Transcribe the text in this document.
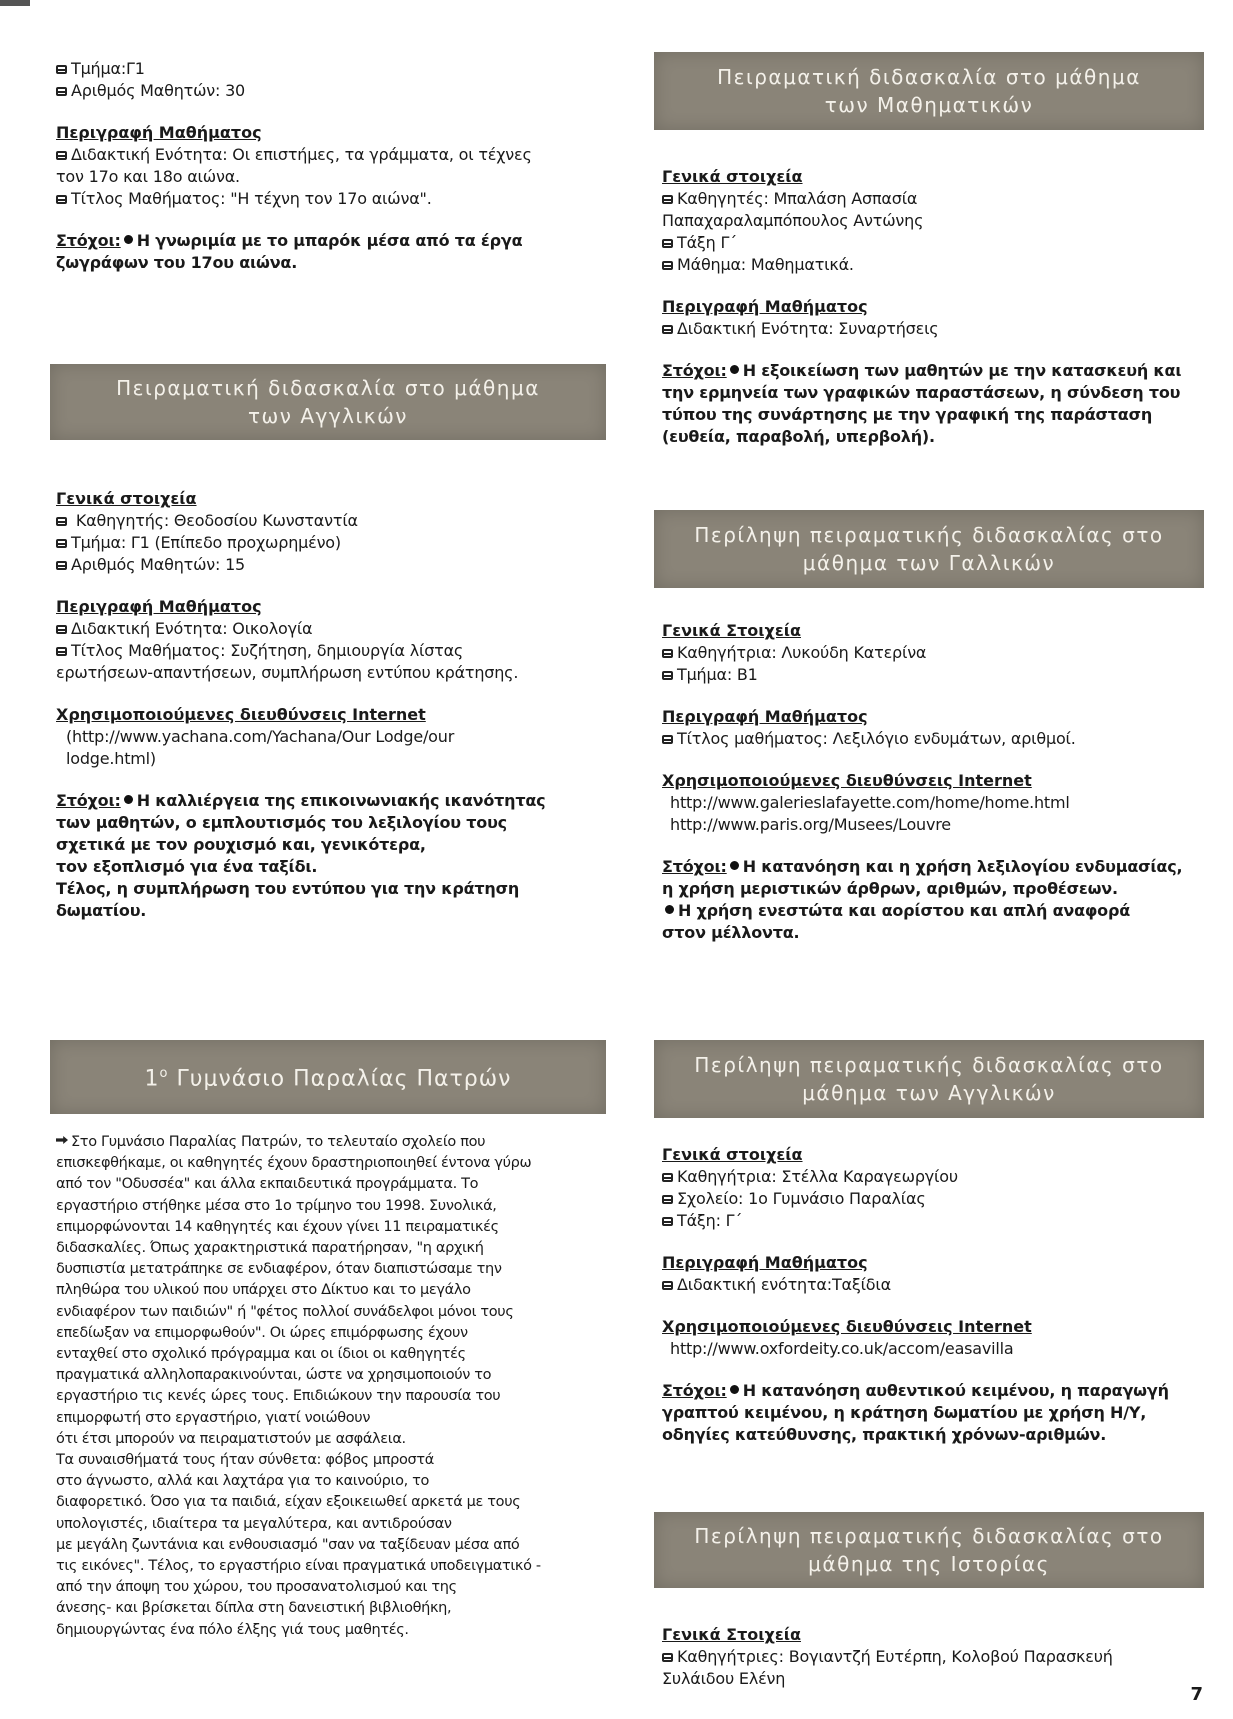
Τμήμα:Γ1
Αριθμός Μαθητών: 30
Περιγραφή Μαθήματος
Διδακτική Ενότητα: Οι επιστήμες, τα γράμματα, οι τέχνες
τον 17ο και 18ο αιώνα.
Τίτλος Μαθήματος: "Η τέχνη τον 17ο αιώνα".
Στόχοι: Η γνωριμία με το μπαρόκ μέσα από τα έργα
ζωγράφων του 17ου αιώνα.
Πειραματική διδασκαλία στο μάθημα
των Αγγλικών
Γενικά στοιχεία
Καθηγητής: Θεοδοσίου Κωνσταντία
Τμήμα: Γ1 (Επίπεδο προχωρημένο)
Αριθμός Μαθητών: 15
Περιγραφή Μαθήματος
Διδακτική Ενότητα: Οικολογία
Τίτλος Μαθήματος: Συζήτηση, δημιουργία λίστας
ερωτήσεων-απαντήσεων, συμπλήρωση εντύπου κράτησης.
Χρησιμοποιούμενες διευθύνσεις Internet
(http://www.yachana.com/Yachana/Our Lodge/our
lodge.html)
Στόχοι: Η καλλιέργεια της επικοινωνιακής ικανότητας
των μαθητών, ο εμπλουτισμός του λεξιλογίου τους
σχετικά με τον ρουχισμό και, γενικότερα,
τον εξοπλισμό για ένα ταξίδι.
Τέλος, η συμπλήρωση του εντύπου για την κράτηση
δωματίου.
$1^o$ Γυμνάσιο Παραλίας Πατρών
Στο Γυμνάσιο Παραλίας Πατρών, το τελευταίο σχολείο που
επισκεφθήκαμε, οι καθηγητές έχουν δραστηριοποιηθεί έντονα γύρω
από τον "Οδυσσέα" και άλλα εκπαιδευτικά προγράμματα. Το
εργαστήριο στήθηκε μέσα στο 1ο τρίμηνο του 1998. Συνολικά,
επιμορφώνονται 14 καθηγητές και έχουν γίνει 11 πειραματικές
διδασκαλίες. Όπως χαρακτηριστικά παρατήρησαν, "η αρχική
δυσπιστία μετατράπηκε σε ενδιαφέρον, όταν διαπιστώσαμε την
πληθώρα του υλικού που υπάρχει στο Δίκτυο και το μεγάλο
ενδιαφέρον των παιδιών" ή "φέτος πολλοί συνάδελφοι μόνοι τους
επεδίωξαν να επιμορφωθούν". Οι ώρες επιμόρφωσης έχουν
ενταχθεί στο σχολικό πρόγραμμα και οι ίδιοι οι καθηγητές
πραγματικά αλληλοπαρακινούνται, ώστε να χρησιμοποιούν το
εργαστήριο τις κενές ώρες τους. Επιδιώκουν την παρουσία του
επιμορφωτή στο εργαστήριο, γιατί νοιώθουν
ότι έτσι μπορούν να πειραματιστούν με ασφάλεια.
Τα συναισθήματά τους ήταν σύνθετα: φόβος μπροστά
στο άγνωστο, αλλά και λαχτάρα για το καινούριο, το
διαφορετικό. Όσο για τα παιδιά, είχαν εξοικειωθεί αρκετά με τους
υπολογιστές, ιδιαίτερα τα μεγαλύτερα, και αντιδρούσαν
με μεγάλη ζωντάνια και ενθουσιασμό "σαν να ταξίδευαν μέσα από
τις εικόνες". Τέλος, το εργαστήριο είναι πραγματικά υποδειγματικό -
από την άποψη του χώρου, του προσανατολισμού και της
άνεσης- και βρίσκεται δίπλα στη δανειστική βιβλιοθήκη,
δημιουργώντας ένα πόλο έλξης γιά τους μαθητές.
Πειραματική διδασκαλία στο μάθημα
των Μαθηματικών
Γενικά στοιχεία
Καθηγητές: Μπαλάση Ασπασία
Παπαχαραλαμπόπουλος Αντώνης
Τάξη Γ΄
Μάθημα: Μαθηματικά.
Περιγραφή Μαθήματος
Διδακτική Ενότητα: Συναρτήσεις
Στόχοι: Η εξοικείωση των μαθητών με την κατασκευή και
την ερμηνεία των γραφικών παραστάσεων, η σύνδεση του
τύπου της συνάρτησης με την γραφική της παράσταση
(ευθεία, παραβολή, υπερβολή).
Περίληψη πειραματικής διδασκαλίας στο
μάθημα των Γαλλικών
Γενικά Στοιχεία
Καθηγήτρια: Λυκούδη Κατερίνα
Τμήμα: Β1
Περιγραφή Μαθήματος
Τίτλος μαθήματος: Λεξιλόγιο ενδυμάτων, αριθμοί.
Χρησιμοποιούμενες διευθύνσεις Internet
http://www.galerieslafayette.com/home/home.html
http://www.paris.org/Musees/Louvre
Στόχοι: Η κατανόηση και η χρήση λεξιλογίου ενδυμασίας,
η χρήση μεριστικών άρθρων, αριθμών, προθέσεων.
Η χρήση ενεστώτα και αορίστου και απλή αναφορά
στον μέλλοντα.
Περίληψη πειραματικής διδασκαλίας στο
μάθημα των Αγγλικών
Γενικά στοιχεία
Καθηγήτρια: Στέλλα Καραγεωργίου
Σχολείο: 1ο Γυμνάσιο Παραλίας
Τάξη: Γ΄
Περιγραφή Μαθήματος
Διδακτική ενότητα:Ταξίδια
Χρησιμοποιούμενες διευθύνσεις Internet
http://www.oxfordeity.co.uk/accom/easavilla
Στόχοι: Η κατανόηση αυθεντικού κειμένου, η παραγωγή
γραπτού κειμένου, η κράτηση δωματίου με χρήση Η/Υ,
οδηγίες κατεύθυνσης, πρακτική χρόνων-αριθμών.
Περίληψη πειραματικής διδασκαλίας στο
μάθημα της Ιστορίας
Γενικά Στοιχεία
Καθηγήτριες: Βογιαντζή Ευτέρπη, Κολοβού Παρασκευή
Συλάιδου Ελένη
7
